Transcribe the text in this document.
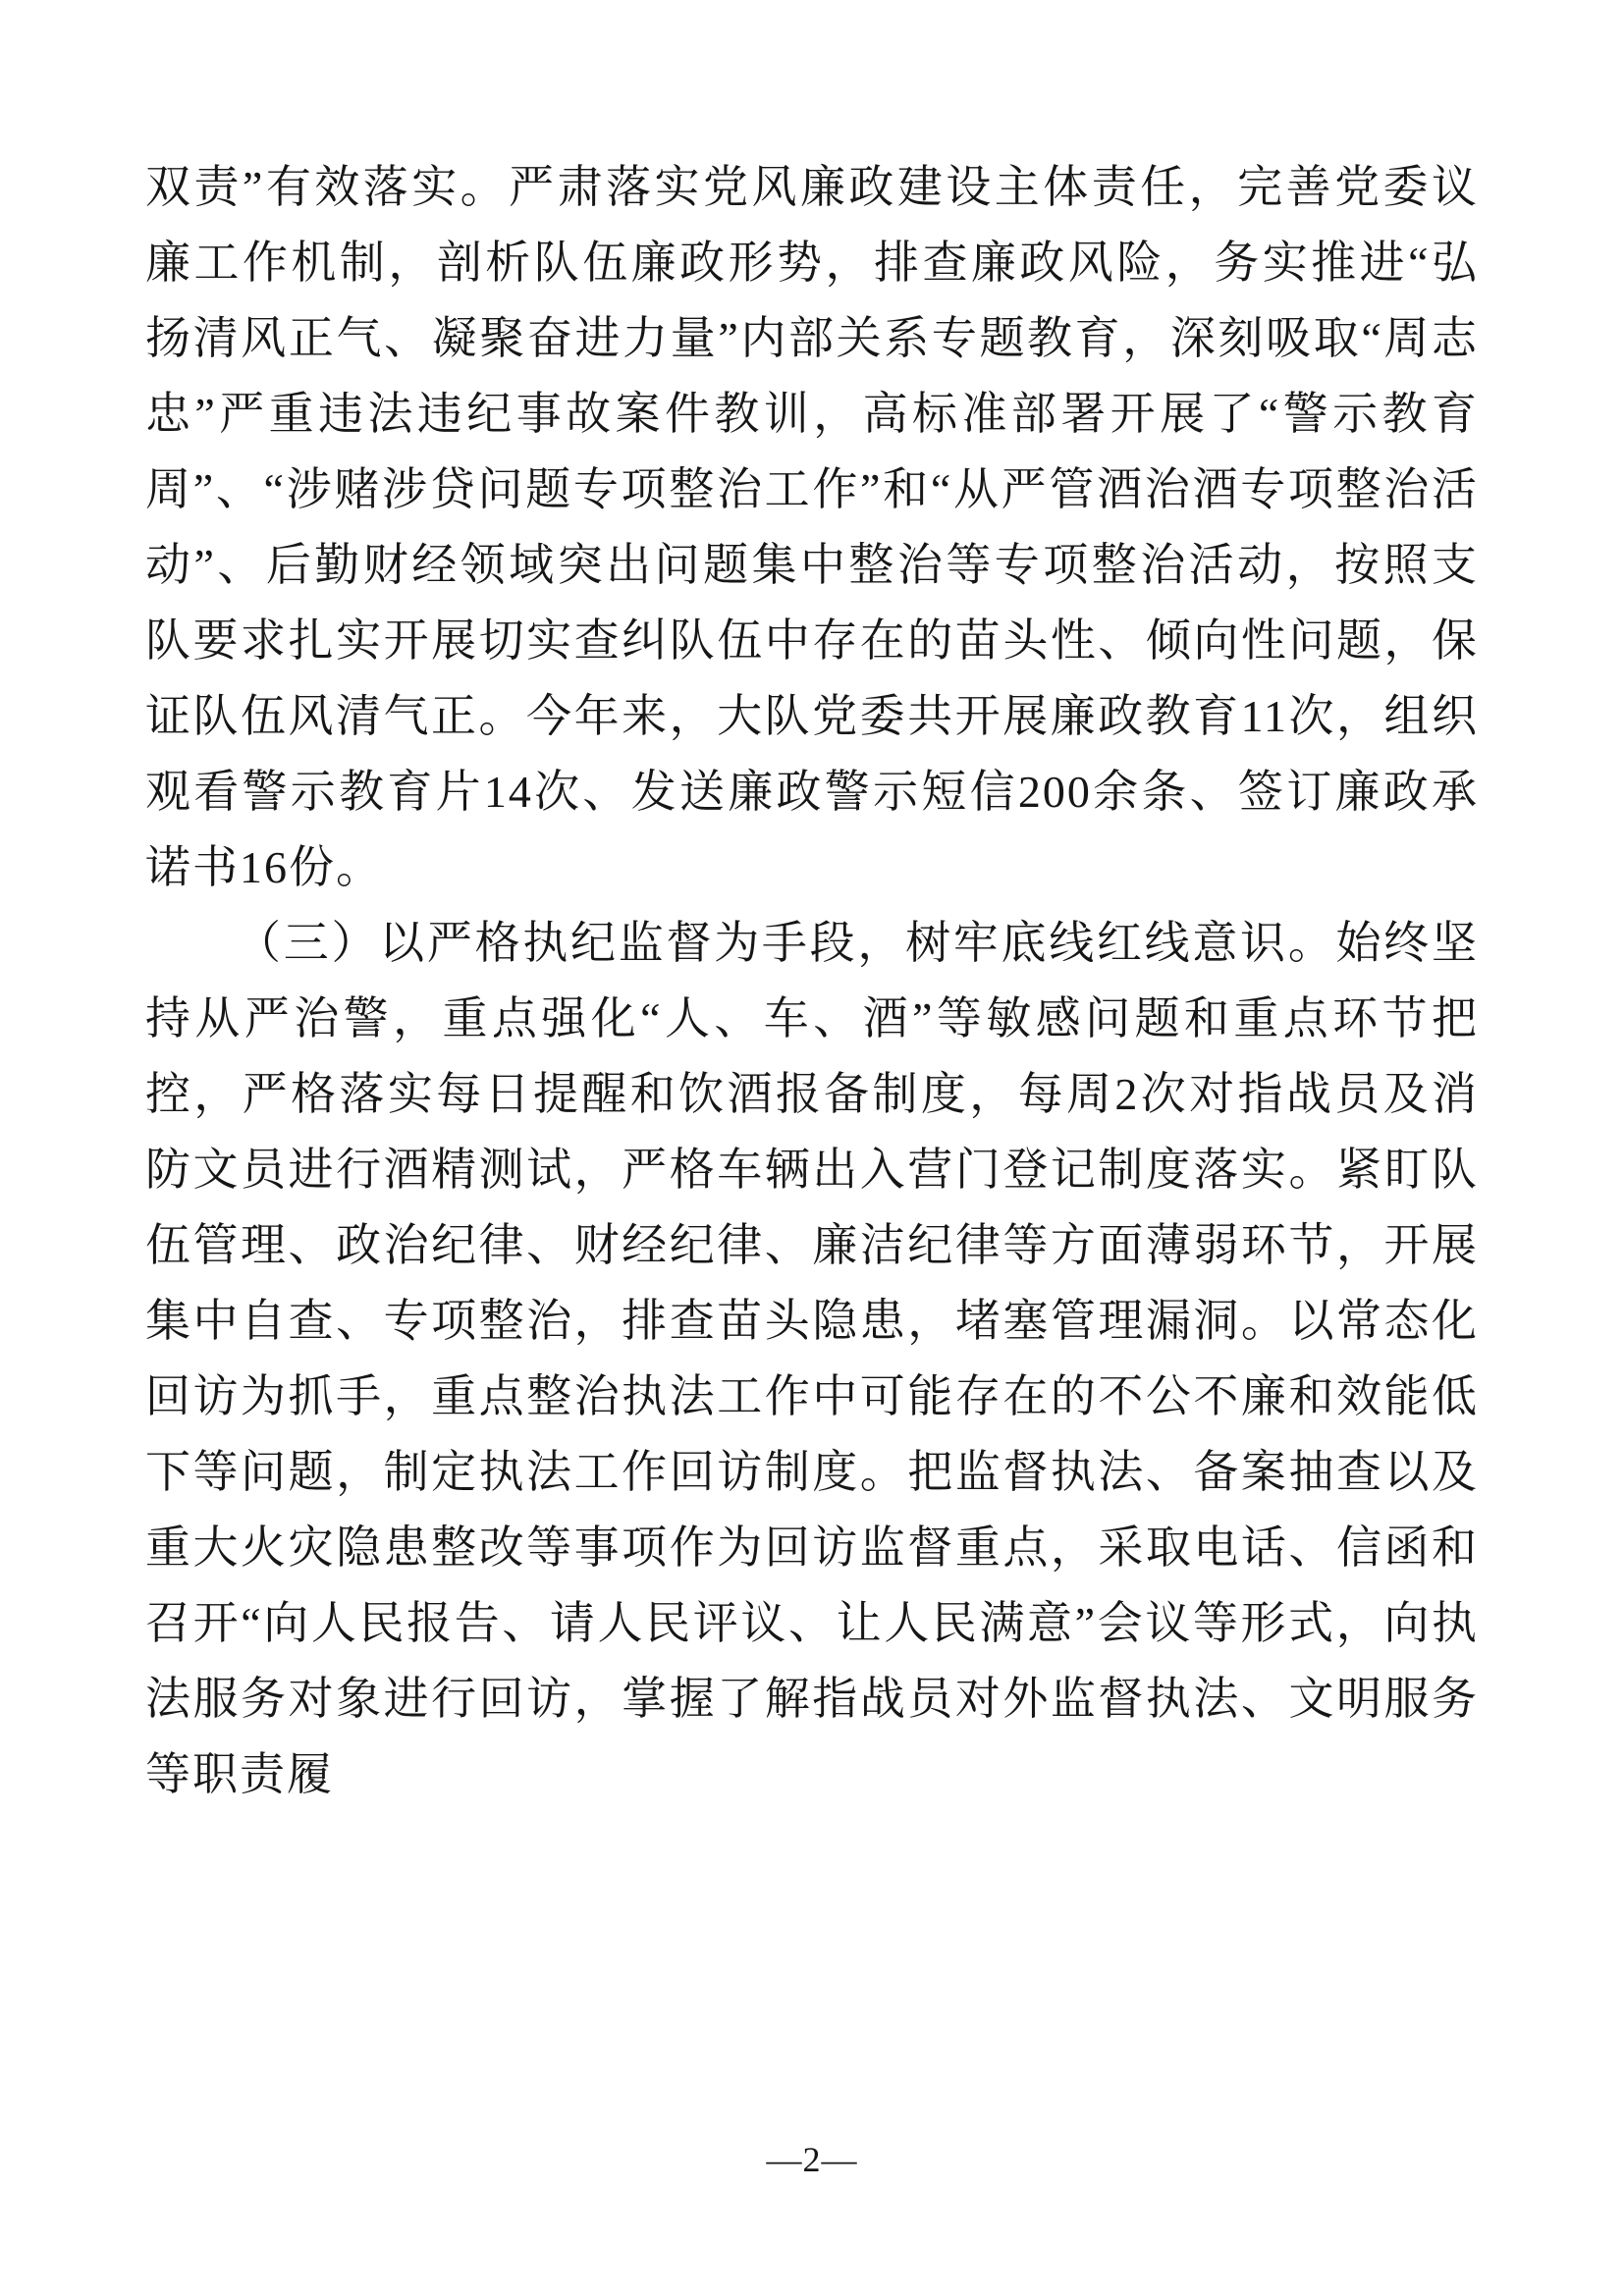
双责”有效落实。严肃落实党风廉政建设主体责任，完善党委议廉工作机制，剖析队伍廉政形势，排查廉政风险，务实推进“弘扬清风正气、凝聚奋进力量”内部关系专题教育，深刻吸取“周志忠”严重违法违纪事故案件教训，高标准部署开展了“警示教育周”、“涉赌涉贷问题专项整治工作”和“从严管酒治酒专项整治活动”、后勤财经领域突出问题集中整治等专项整治活动，按照支队要求扎实开展切实查纠队伍中存在的苗头性、倾向性问题，保证队伍风清气正。今年来，大队党委共开展廉政教育11次，组织观看警示教育片14次、发送廉政警示短信200余条、签订廉政承诺书16份。

（三）以严格执纪监督为手段，树牢底线红线意识。始终坚持从严治警，重点强化“人、车、酒”等敏感问题和重点环节把控，严格落实每日提醒和饮酒报备制度，每周2次对指战员及消防文员进行酒精测试，严格车辆出入营门登记制度落实。紧盯队伍管理、政治纪律、财经纪律、廉洁纪律等方面薄弱环节，开展集中自查、专项整治，排查苗头隐患，堵塞管理漏洞。以常态化回访为抓手，重点整治执法工作中可能存在的不公不廉和效能低下等问题，制定执法工作回访制度。把监督执法、备案抽查以及重大火灾隐患整改等事项作为回访监督重点，采取电话、信函和召开“向人民报告、请人民评议、让人民满意”会议等形式，向执法服务对象进行回访，掌握了解指战员对外监督执法、文明服务等职责履

—2—
